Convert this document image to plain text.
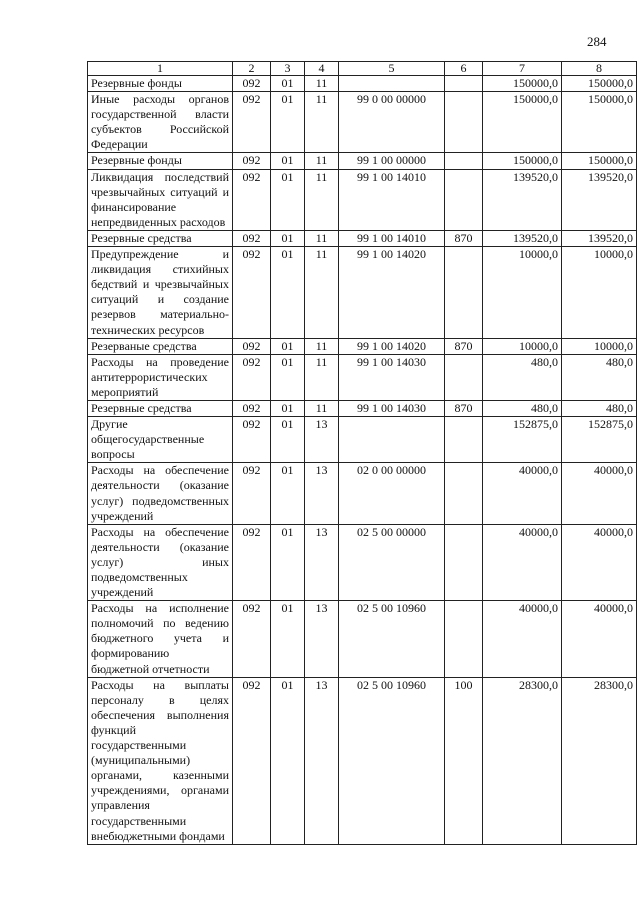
284
1	2	3	4	5	6	7	8
Резервные фонды	092	01	11			150000,0	150000,0
Иные расходы органов государственной власти субъектов Российской Федерации	092	01	11	99 0 00 00000		150000,0	150000,0
Резервные фонды	092	01	11	99 1 00 00000		150000,0	150000,0
Ликвидация последствий чрезвычайных ситуаций и финансирование непредвиденных расходов	092	01	11	99 1 00 14010		139520,0	139520,0
Резервные средства	092	01	11	99 1 00 14010	870	139520,0	139520,0
Предупреждение и ликвидация стихийных бедствий и чрезвычайных ситуаций и создание резервов материально-технических ресурсов	092	01	11	99 1 00 14020		10000,0	10000,0
Резерваные средства	092	01	11	99 1 00 14020	870	10000,0	10000,0
Расходы на проведение антитеррористических мероприятий	092	01	11	99 1 00 14030		480,0	480,0
Резервные средства	092	01	11	99 1 00 14030	870	480,0	480,0
Другие общегосударственные вопросы	092	01	13			152875,0	152875,0
Расходы на обеспечение деятельности (оказание услуг) подведомственных учреждений	092	01	13	02 0 00 00000		40000,0	40000,0
Расходы на обеспечение деятельности (оказание услуг) иных подведомственных учреждений	092	01	13	02 5 00 00000		40000,0	40000,0
Расходы на исполнение полномочий по ведению бюджетного учета и формированию бюджетной отчетности	092	01	13	02 5 00 10960		40000,0	40000,0
Расходы на выплаты персоналу в целях обеспечения выполнения функций государственными (муниципальными) органами, казенными учреждениями, органами управления государственными внебюджетными фондами	092	01	13	02 5 00 10960	100	28300,0	28300,0
